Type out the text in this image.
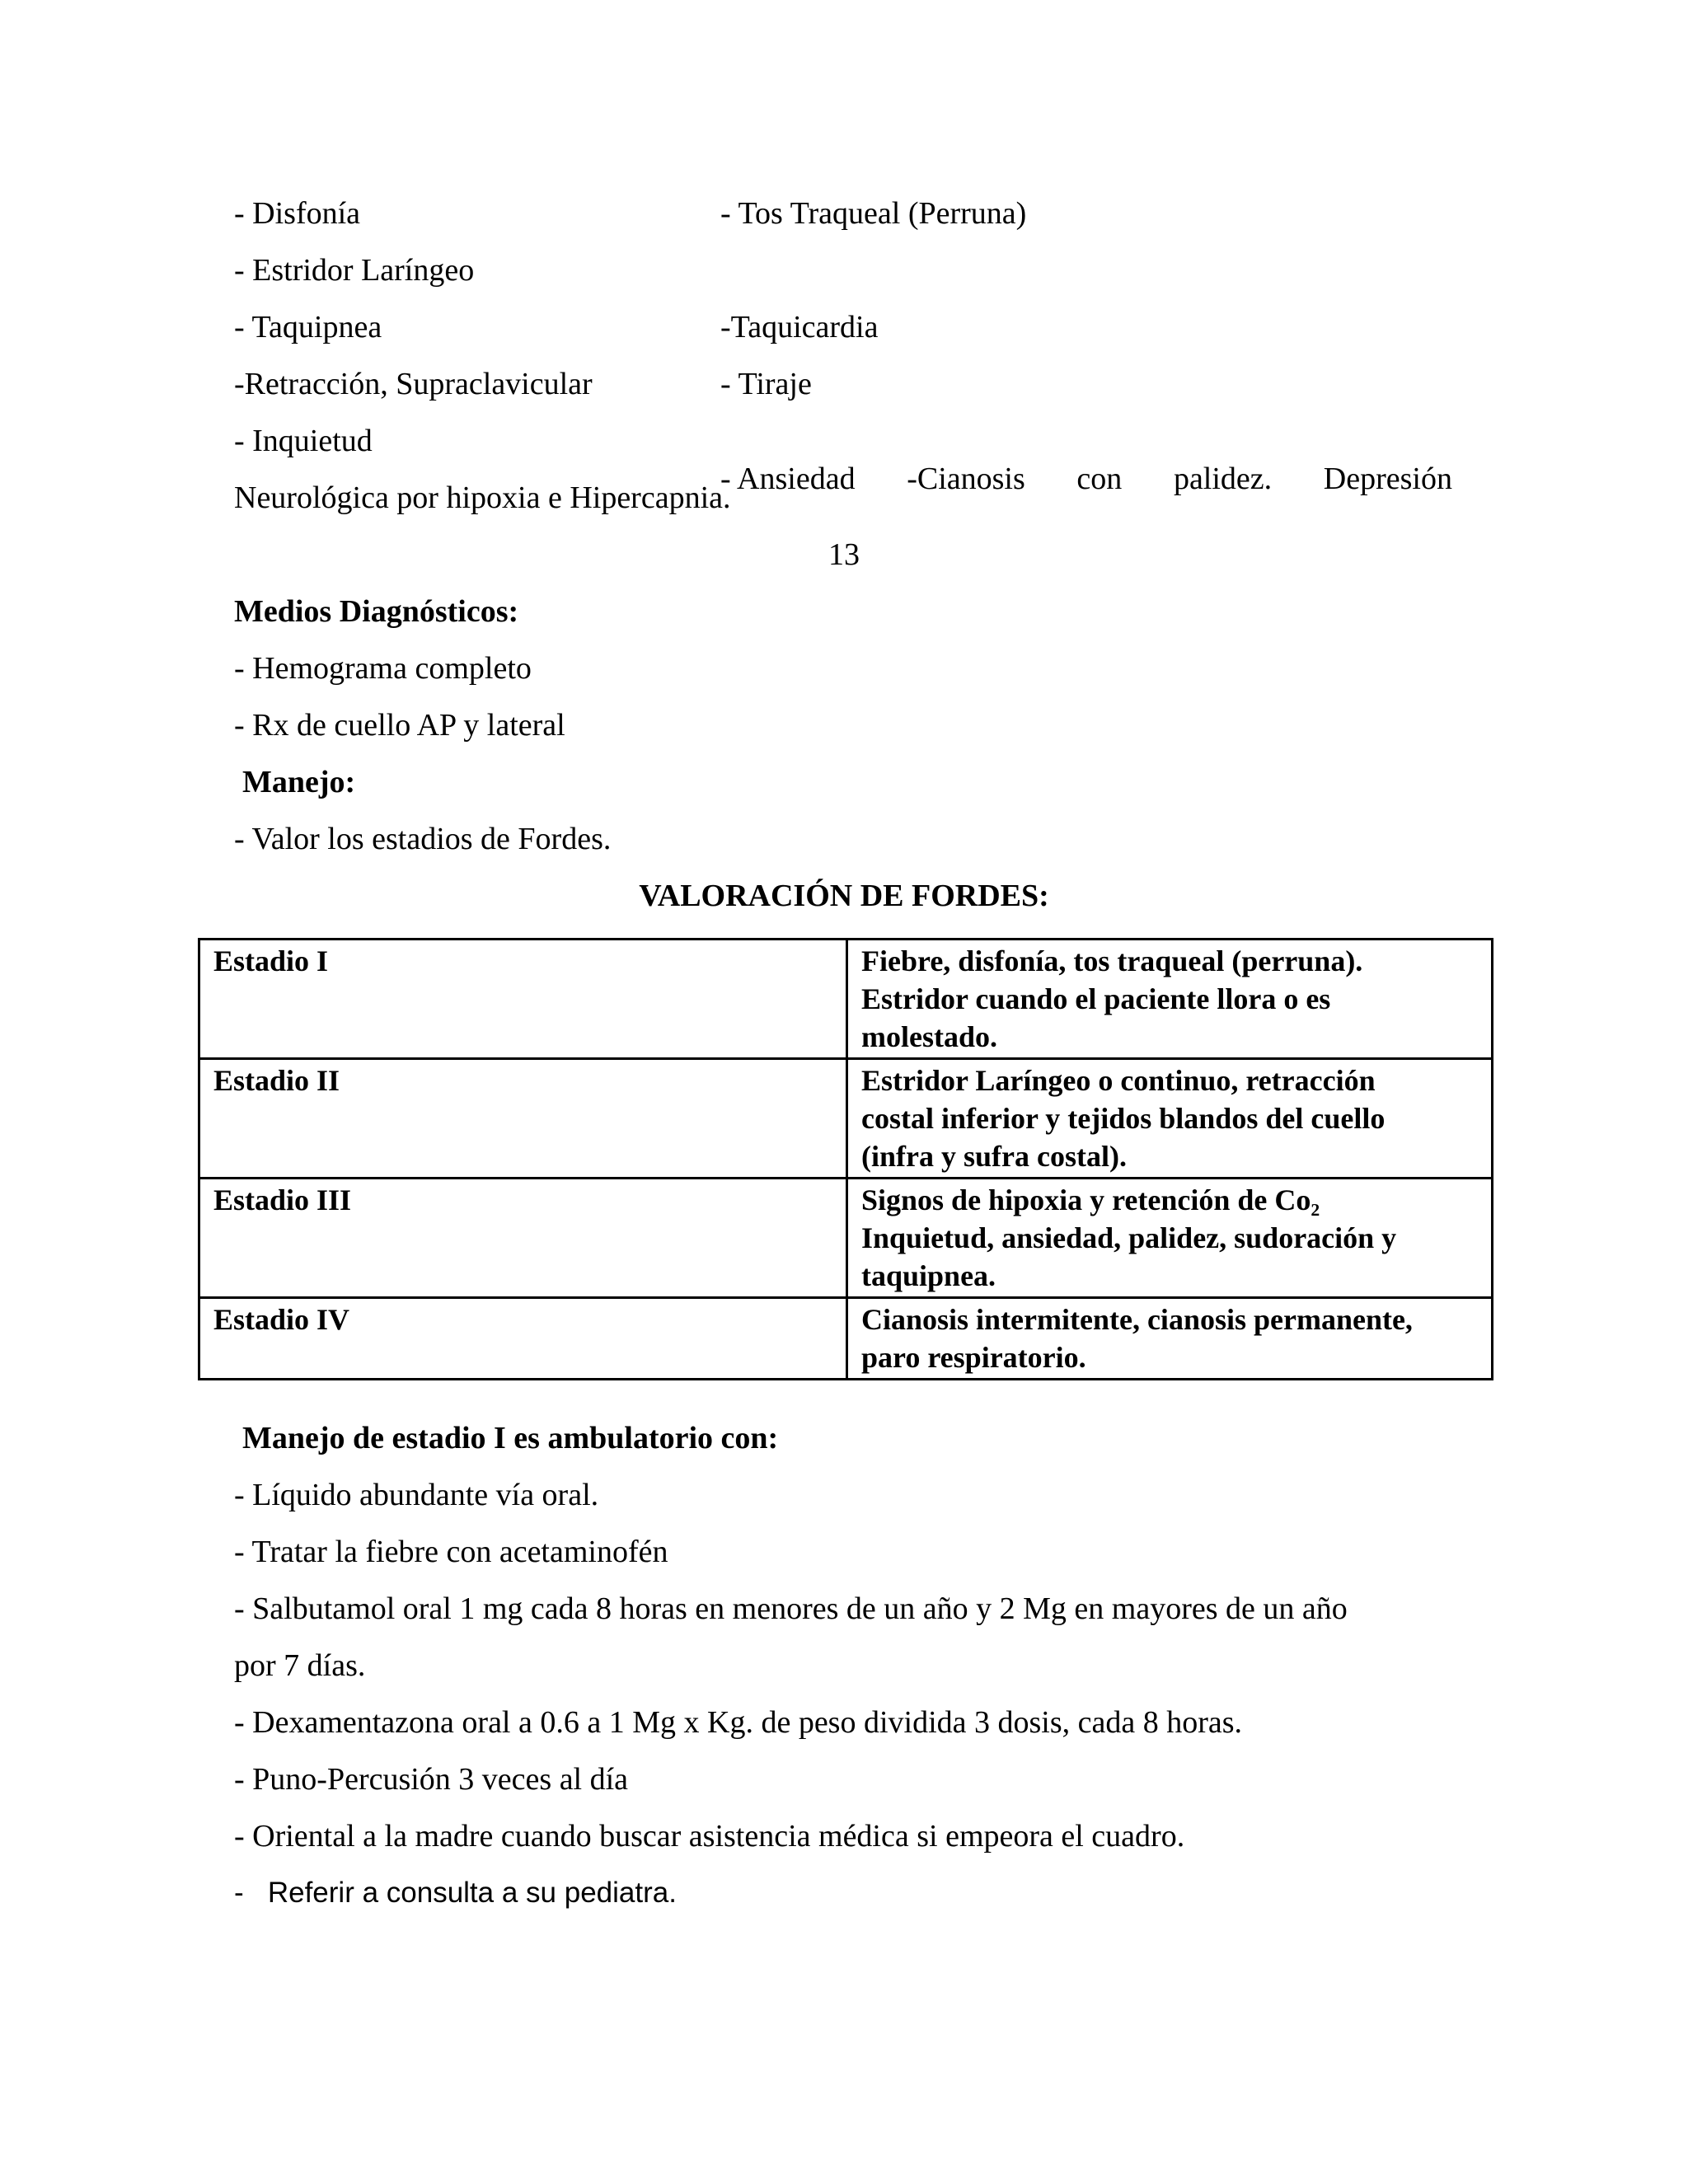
- Disfonía	- Tos Traqueal (Perruna)
- Estridor Laríngeo
- Taquipnea	-Taquicardia
-Retracción, Supraclavicular	- Tiraje
- Inquietud
- Ansiedad -Cianosis con palidez. Depresión
Neurológica por hipoxia e Hipercapnia.
13
Medios Diagnósticos:
- Hemograma completo
- Rx de cuello AP y lateral
Manejo:
- Valor los estadios de Fordes.
VALORACIÓN DE FORDES:
Estadio I	Fiebre, disfonía, tos traqueal (perruna).
Estridor cuando el paciente llora o es
molestado.

Estadio II	Estridor Laríngeo o continuo, retracción
costal inferior y tejidos blandos del cuello
(infra y sufra costal).

Estadio III	Signos de hipoxia y retención de Co₂
Inquietud, ansiedad, palidez, sudoración y
taquipnea.

Estadio IV	Cianosis intermitente, cianosis permanente,
paro respiratorio.
Manejo de estadio I es ambulatorio con:
- Líquido abundante vía oral.
- Tratar la fiebre con acetaminofén
- Salbutamol oral 1 mg cada 8 horas en menores de un año y 2 Mg en mayores de un año
por 7 días.
- Dexamentazona oral a 0.6 a 1 Mg x Kg. de peso dividida 3 dosis, cada 8 horas.
- Puno-Percusión 3 veces al día
- Oriental a la madre cuando buscar asistencia médica si empeora el cuadro.
-   Referir a consulta a su pediatra.
